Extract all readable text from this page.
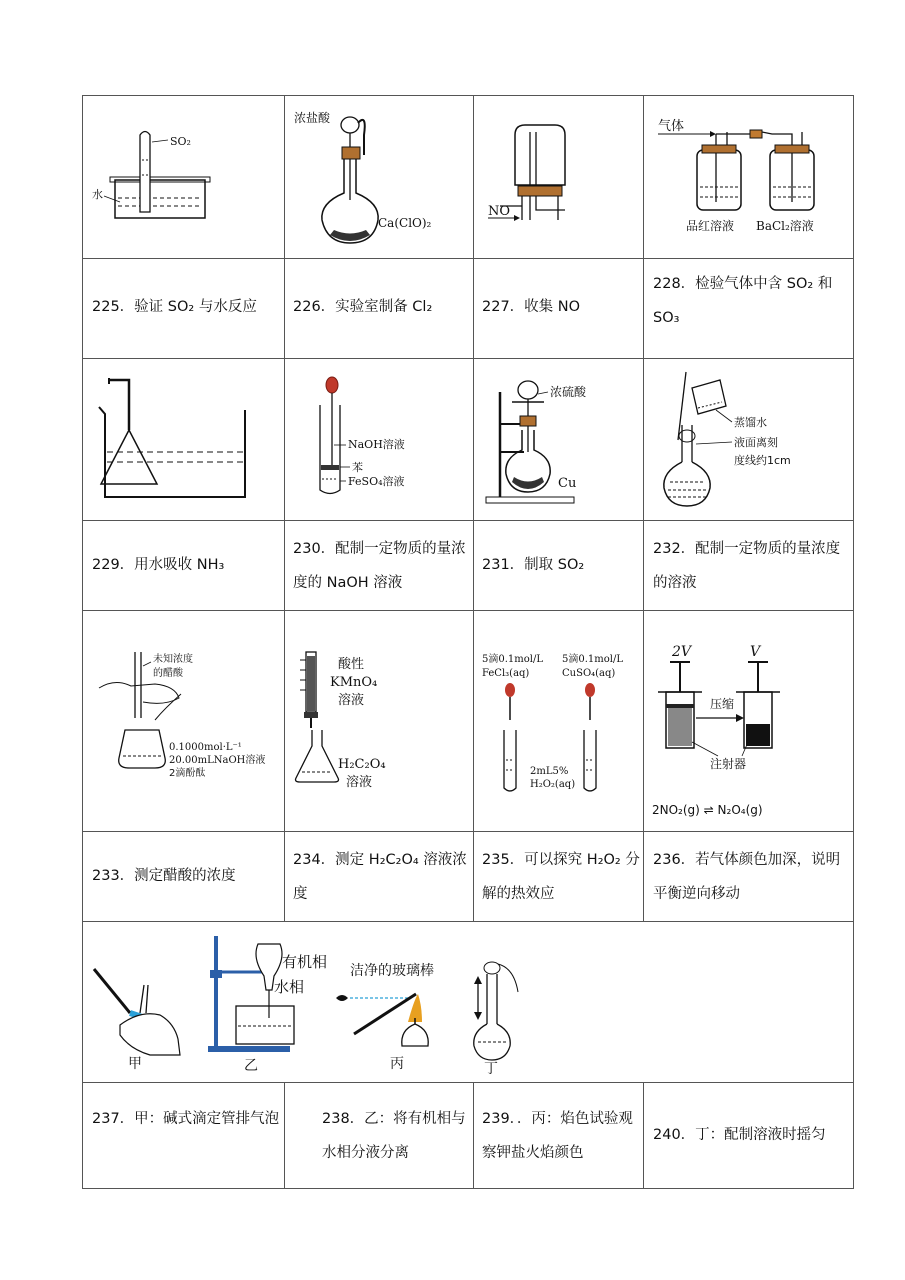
SO₂
水
浓盐酸
Ca(ClO)₂
NO
气体
品红溶液 BaCl₂溶液
225．验证 SO₂ 与水反应	226．实验室制备 Cl₂	227．收集 NO
228．检验气体中含 SO₂ 和 SO₃
NaOH溶液
苯
FeSO₄溶液
浓硫酸
Cu
蒸馏水
液面离刻
度线约1cm
229．用水吸收 NH₃
230．配制一定物质的量浓度的 NaOH 溶液
231．制取 SO₂
232．配制一定物质的量浓度的溶液
未知浓度
的醋酸
0.1000mol·L⁻¹
20.00mLNaOH溶液
2滴酚酞
酸性
KMnO₄
溶液
H₂C₂O₄
溶液
5滴0.1mol/L
FeCl₃(aq)
5滴0.1mol/L
CuSO₄(aq)
2mL5%
H₂O₂(aq)
2V	V
压缩
注射器
2NO₂(g) ⇌ N₂O₄(g)
233．测定醋酸的浓度
234．测定 H₂C₂O₄ 溶液浓度
235．可以探究 H₂O₂ 分解的热效应
236．若气体颜色加深，说明平衡逆向移动
甲
有机相
水相
乙
洁净的玻璃棒
丙	丁
237．甲：碱式滴定管排气泡	238．乙：将有机相与水相分液分离
239．．丙：焰色试验观察钾盐火焰颜色
240．丁：配制溶液时摇匀
